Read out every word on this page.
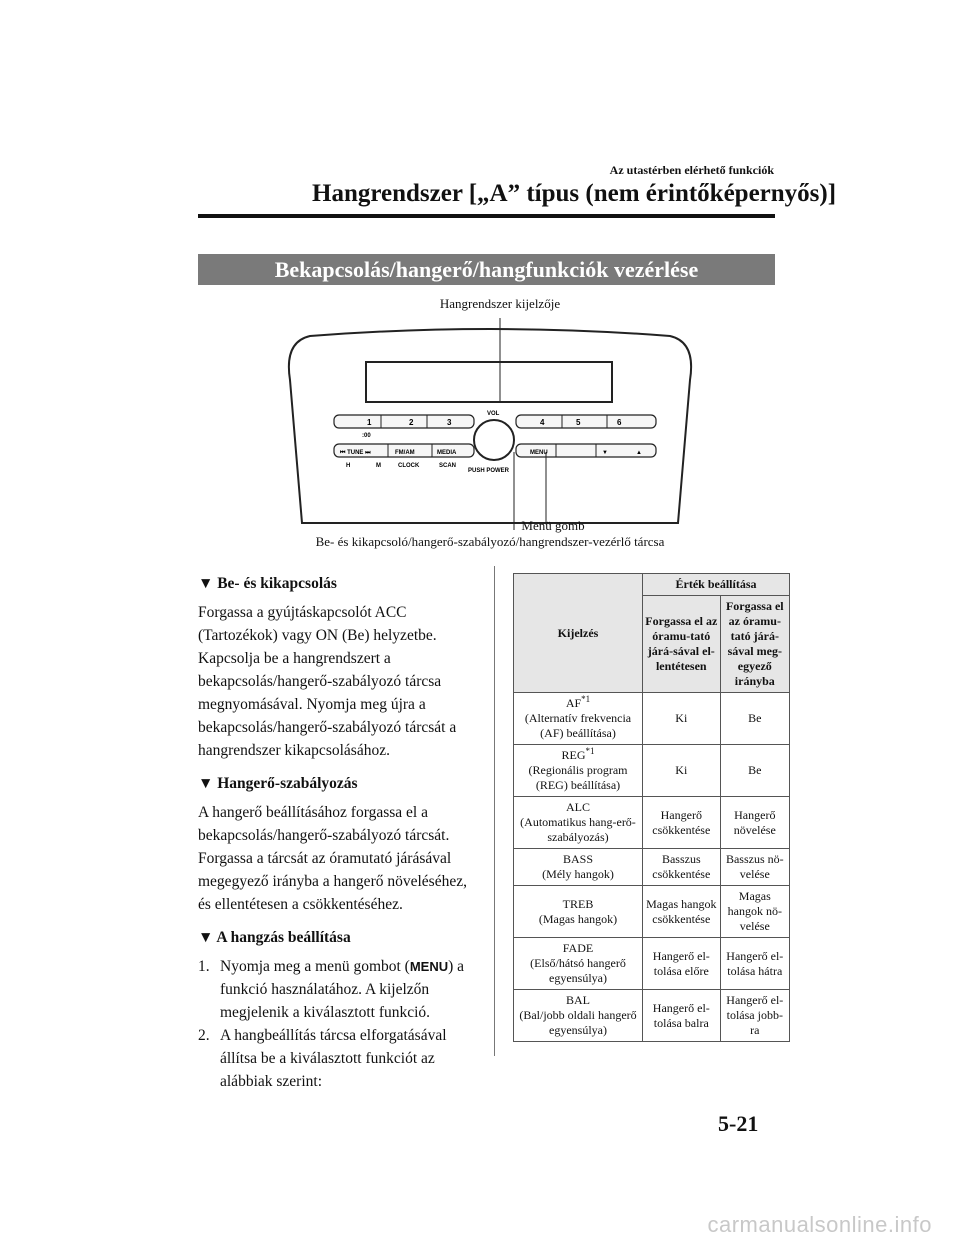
Az utastérben elérhető funkciók
Hangrendszer [„A” típus (nem érintőképernyős)]
Bekapcsolás/hangerő/hangfunkciók vezérlése
Hangrendszer kijelzője
1	2	3
:00
4	5	6
⏮ TUNE ⏭	FM/AM	MEDIA
H	M	CLOCK	SCAN
VOL
PUSH POWER
MENU	▼	▲
Menü gomb
Be- és kikapcsoló/hangerő-szabályozó/hangrendszer-vezérlő tárcsa
▼ Be- és kikapcsolás

Forgassa a gyújtáskapcsolót ACC (Tartozékok) vagy ON (Be) helyzetbe. Kapcsolja be a hangrendszert a bekapcsolás/hangerő-szabályozó tárcsa megnyomásával. Nyomja meg újra a bekapcsolás/hangerő-szabályozó tárcsát a hangrendszer kikapcsolásához.

▼ Hangerő-szabályozás

A hangerő beállításához forgassa el a bekapcsolás/hangerő-szabályozó tárcsát. Forgassa a tárcsát az óramutató járásával megegyező irányba a hangerő növeléséhez, és ellentétesen a csökkentéséhez.

▼ A hangzás beállítása
1. Nyomja meg a menü gombot (MENU) a funkció használatához. A kijelzőn megjelenik a kiválasztott funkció.
2. A hangbeállítás tárcsa elforgatásával állítsa be a kiválasztott funkciót az alábbiak szerint:
Kijelzés	Érték beállítása	
	Forgassa el az óramu-tató járá-sával el-lentétesen	Forgassa el az óramu-tató járá-sával meg-egyező irányba
AF$^{*1}$
(Alternatív frekvencia (AF) beállítása)	Ki	Be
REG$^{*1}$
(Regionális program (REG) beállítása)	Ki	Be
ALC
(Automatikus hang-erő-szabályozás)	Hangerő csökkentése	Hangerő növelése
BASS
(Mély hangok)	Basszus csökkentése	Basszus nö-velése
TREB
(Magas hangok)	Magas hangok csökkentése	Magas hangok nö-velése
FADE
(Első/hátsó hangerő egyensúlya)	Hangerő el-tolása előre	Hangerő el-tolása hátra
BAL
(Bal/jobb oldali hangerő egyensúlya)	Hangerő el-tolása balra	Hangerő el-tolása jobb-ra
5-21
carmanualsonline.info
